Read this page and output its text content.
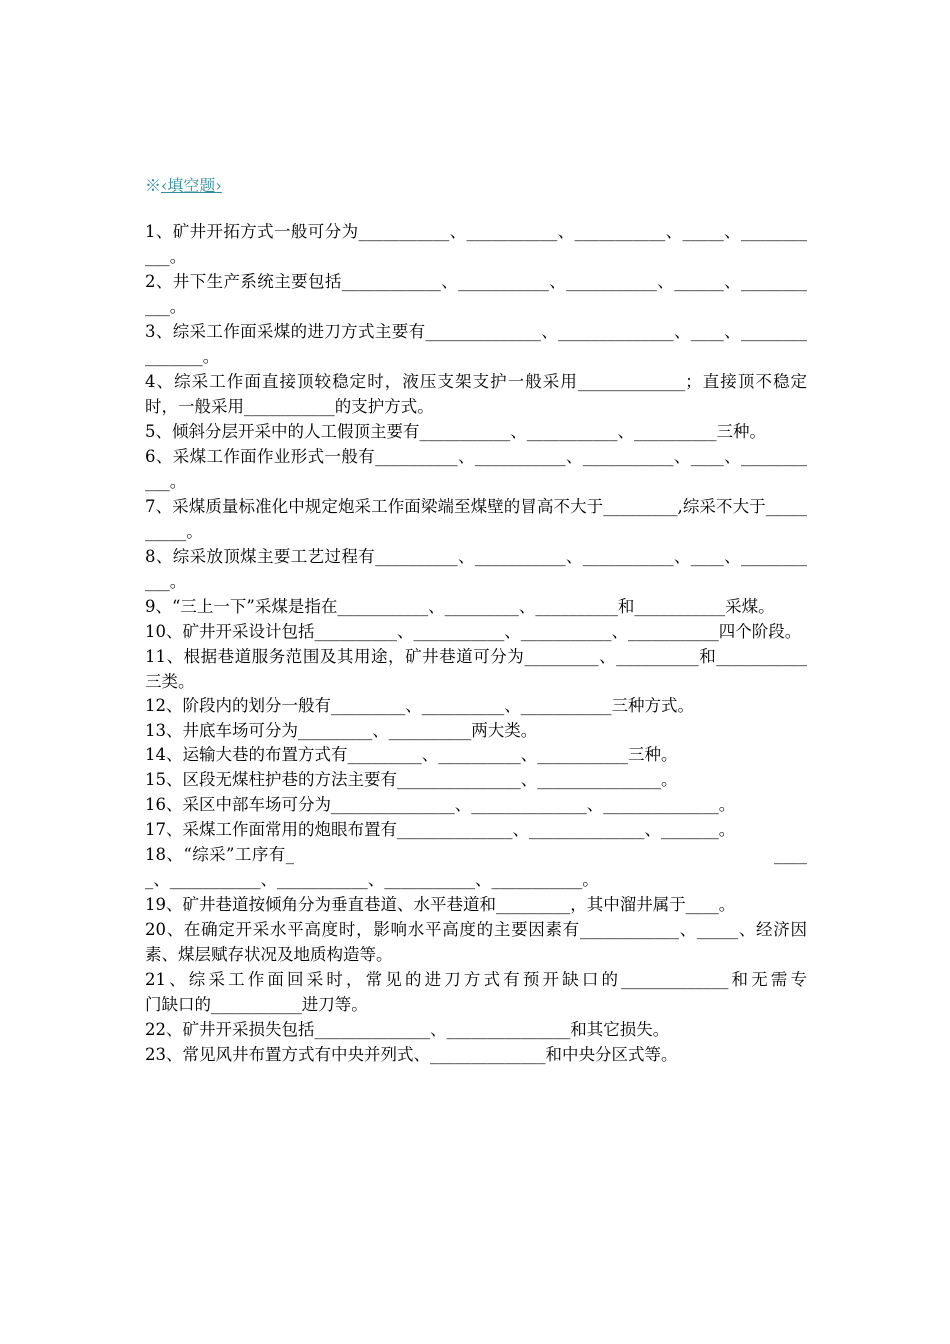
※‹填空题›

1、矿井开拓方式一般可分为___________、___________、___________、_____、___________。

2、井下生产系统主要包括____________、___________、___________、______、___________。

3、综采工作面采煤的进刀方式主要有______________、______________、____、_______________。

4、综采工作面直接顶较稳定时，液压支架支护一般采用_____________；直接顶不稳定时，一般采用___________的支护方式。

5、倾斜分层开采中的人工假顶主要有___________、___________、__________三种。

6、采煤工作面作业形式一般有__________、___________、___________、____、___________。

7、采煤质量标准化中规定炮采工作面梁端至煤壁的冒高不大于_________,综采不大于__________。

8、综采放顶煤主要工艺过程有__________、___________、___________、____、___________。

9、“三上一下”采煤是指在___________、_________、__________和___________采煤。

10、矿井开采设计包括__________、___________、___________、___________四个阶段。

11、根据巷道服务范围及其用途，矿井巷道可分为_________、__________和___________三类。

12、阶段内的划分一般有_________、__________、___________三种方式。

13、井底车场可分为_________、__________两大类。

14、运输大巷的布置方式有_________、__________、___________三种。

15、区段无煤柱护巷的方法主要有_______________、_______________。

16、采区中部车场可分为_______________、______________、______________。

17、采煤工作面常用的炮眼布置有______________、______________、_______。

18、“综采”工序有_　　　　　　　　　　　　　　　　　　　　　　　　　　　　 _____、___________、___________、___________、___________。

19、矿井巷道按倾角分为垂直巷道、水平巷道和_________，其中溜井属于____。

20、在确定开采水平高度时，影响水平高度的主要因素有____________、_____、经济因素、煤层赋存状况及地质构造等。

21、综采工作面回采时，常见的进刀方式有预开缺口的_____________和无需专　　　　　门缺口的___________进刀等。

22、矿井开采损失包括______________、_______________和其它损失。

23、常见风井布置方式有中央并列式、______________和中央分区式等。
